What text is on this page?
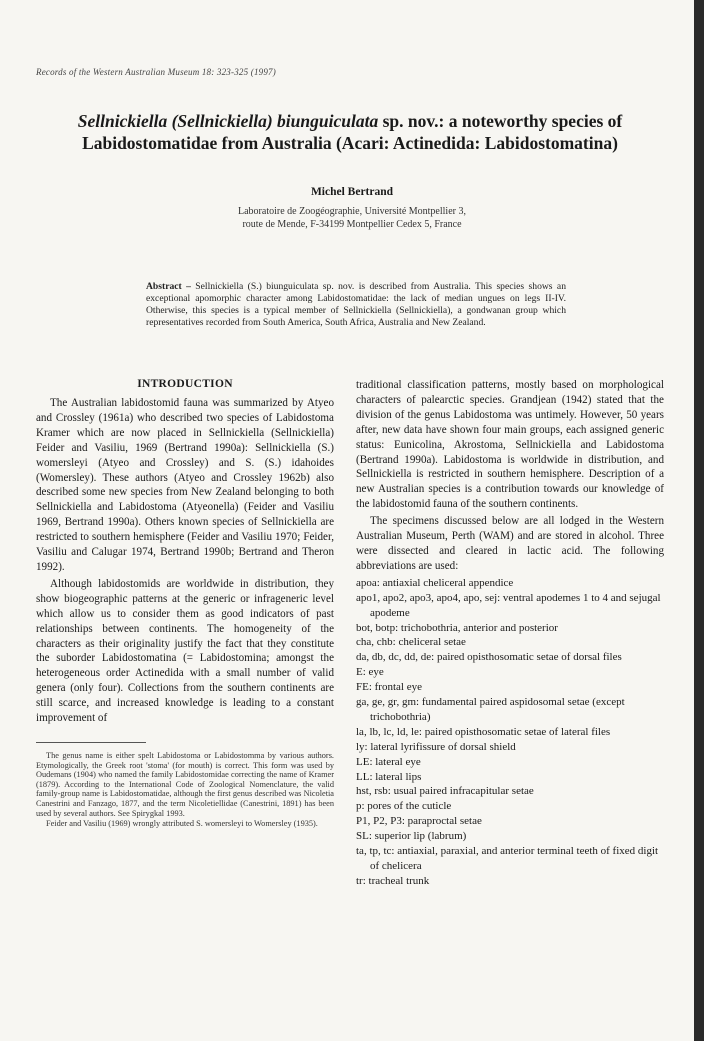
Records of the Western Australian Museum 18: 323-325 (1997)
Sellnickiella (Sellnickiella) biunguiculata sp. nov.: a noteworthy species of
Labidostomatidae from Australia (Acari: Actinedida: Labidostomatina)
Michel Bertrand
Laboratoire de Zoogéographie, Université Montpellier 3,
route de Mende, F-34199 Montpellier Cedex 5, France
Abstract – Sellnickiella (S.) biunguiculata sp. nov. is described from Australia. This species shows an exceptional apomorphic character among Labidostomatidae: the lack of median ungues on legs II-IV. Otherwise, this species is a typical member of Sellnickiella (Sellnickiella), a gondwanan group which representatives recorded from South America, South Africa, Australia and New Zealand.
INTRODUCTION

The Australian labidostomid fauna was summarized by Atyeo and Crossley (1961a) who described two species of Labidostoma Kramer which are now placed in Sellnickiella (Sellnickiella) Feider and Vasiliu, 1969 (Bertrand 1990a): Sellnickiella (S.) womersleyi (Atyeo and Crossley) and S. (S.) idahoides (Womersley). These authors (Atyeo and Crossley 1962b) also described some new species from New Zealand belonging to both Sellnickiella and Labidostoma (Atyeonella) (Feider and Vasiliu 1969, Bertrand 1990a). Others known species of Sellnickiella are restricted to southern hemisphere (Feider and Vasiliu 1970; Feider, Vasiliu and Calugar 1974, Bertrand 1990b; Bertrand and Theron 1992).

Although labidostomids are worldwide in distribution, they show biogeographic patterns at the generic or infrageneric level which allow us to consider them as good indicators of past relationships between continents. The homogeneity of the characters as their originality justify the fact that they constitute the suborder Labidostomatina (= Labidostomina; amongst the heterogeneous order Actinedida with a small number of valid genera (only four). Collections from the southern continents are still scarce, and increased knowledge is leading to a constant improvement of

The genus name is either spelt Labidostoma or Labidostomma by various authors. Etymologically, the Greek root 'stoma' (for mouth) is correct. This form was used by Oudemans (1904) who named the family Labidostomidae correcting the name of Kramer (1879). According to the International Code of Zoological Nomenclature, the valid family-group name is Labidostomatidae, although the first genus described was Nicoletia Canestrini and Fanzago, 1877, and the term Nicoletiellidae (Canestrini, 1891) has been used by several authors. See Spirygkal 1993.

Feider and Vasiliu (1969) wrongly attributed S. womersleyi to Womersley (1935).

traditional classification patterns, mostly based on morphological characters of palearctic species. Grandjean (1942) stated that the division of the genus Labidostoma was untimely. However, 50 years after, new data have shown four main groups, each assigned generic status: Eunicolina, Akrostoma, Sellnickiella and Labidostoma (Bertrand 1990a). Labidostoma is worldwide in distribution, and Sellnickiella is restricted in southern hemisphere. Description of a new Australian species is a contribution towards our knowledge of the labidostomid fauna of the southern continents.

The specimens discussed below are all lodged in the Western Australian Museum, Perth (WAM) and are stored in alcohol. Three were dissected and cleared in lactic acid. The following abbreviations are used:

apoa: antiaxial cheliceral appendice

apo1, apo2, apo3, apo4, apo, sej: ventral apodemes 1 to 4 and sejugal apodeme

bot, botp: trichobothria, anterior and posterior

cha, chb: cheliceral setae

da, db, dc, dd, de: paired opisthosomatic setae of dorsal files

E: eye

FE: frontal eye

ga, ge, gr, gm: fundamental paired aspidosomal setae (except trichobothria)

la, lb, lc, ld, le: paired opisthosomatic setae of lateral files

ly: lateral lyrifissure of dorsal shield

LE: lateral eye

LL: lateral lips

hst, rsb: usual paired infracapitular setae

p: pores of the cuticle

P1, P2, P3: paraproctal setae

SL: superior lip (labrum)

ta, tp, tc: antiaxial, paraxial, and anterior terminal teeth of fixed digit of chelicera

tr: tracheal trunk
